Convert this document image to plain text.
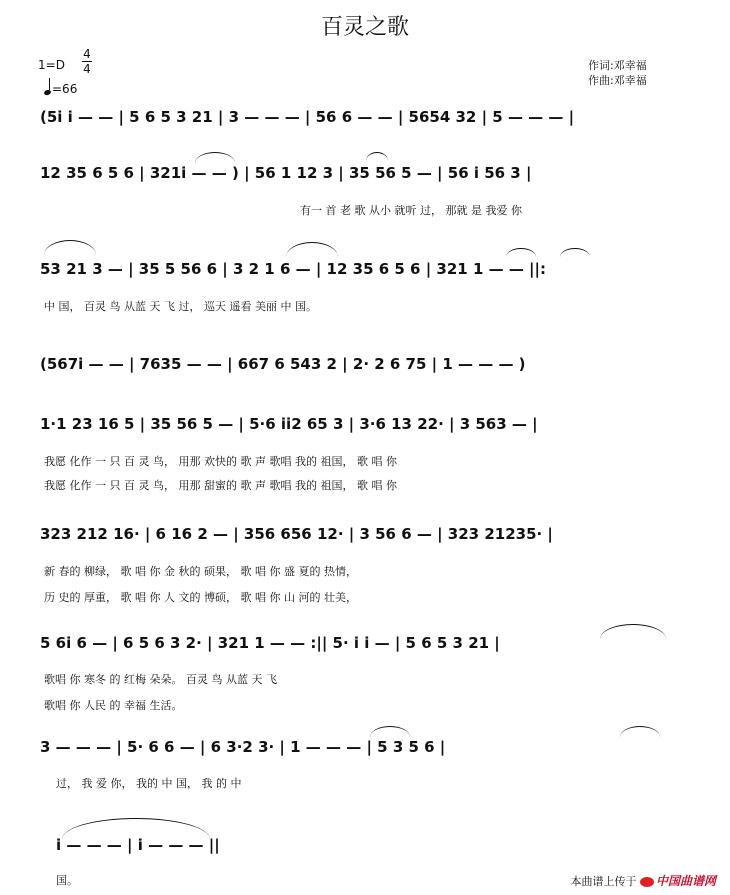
百灵之歌
1=D
4
4
=66
作词:邓幸福
作曲:邓幸福
(5i i — — | 5 6 5 3 21 | 3 — — — | 56 6 — — | 5654 32 | 5 — — — |
12 35 6 5 6 | 321i — — ) | 56 1 12 3 | 35 56 5 — | 56 i 56 3 |
有一 首 老 歌 从小 就听 过， 那就 是 我爱 你
53 21 3 — | 35 5 56 6 | 3 2 1 6 — | 12 35 6 5 6 | 321 1 — — ||:
中 国， 百灵 鸟 从蓝 天 飞 过， 巡天 遥看 美丽 中 国。
(567i — — | 7635 — — | 667 6 543 2 | 2· 2 6 75 | 1 — — — )
1·1 23 16 5 | 35 56 5 — | 5·6 ii2 65 3 | 3·6 13 22· | 3 563 — |
我愿 化作 一 只 百 灵 鸟， 用那 欢快的 歌 声 歌唱 我的 祖国， 歌 唱 你
我愿 化作 一 只 百 灵 鸟， 用那 甜蜜的 歌 声 歌唱 我的 祖国， 歌 唱 你
323 212 16· | 6 16 2 — | 356 656 12· | 3 56 6 — | 323 21235· |
新 春的 柳绿， 歌 唱 你 金 秋的 硕果， 歌 唱 你 盛 夏的 热情，
历 史的 厚重， 歌 唱 你 人 文的 博硕， 歌 唱 你 山 河的 壮美，
5 6i 6 — | 6 5 6 3 2· | 321 1 — — :|| 5· i i — | 5 6 5 3 21 |
歌唱 你 寒冬 的 红梅 朵朵。 百灵 鸟 从蓝 天 飞
歌唱 你 人民 的 幸福 生活。
3 — — — | 5· 6 6 — | 6 3·2 3· | 1 — — — | 5 3 5 6 |
过， 我 爱 你， 我的 中 国， 我 的 中
i — — — | i — — — ||
国。	本曲谱上传于 中国曲谱网
